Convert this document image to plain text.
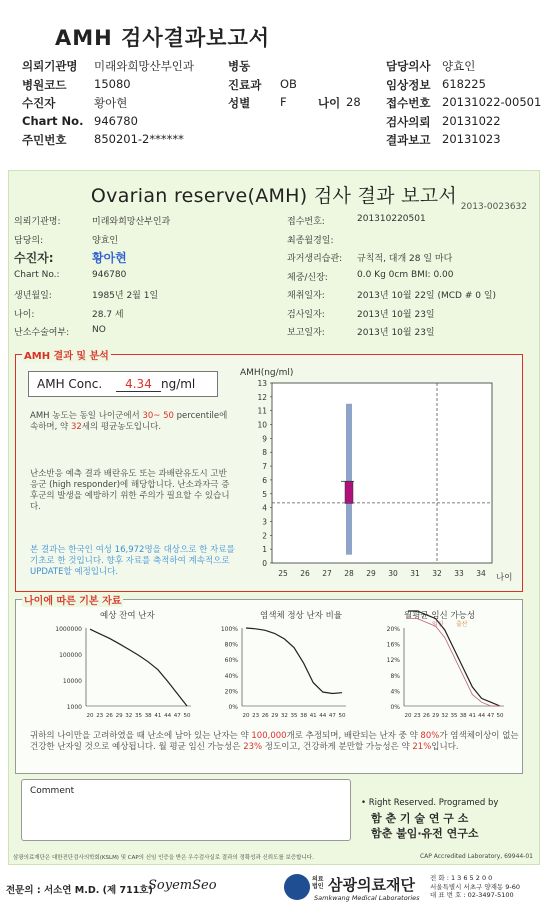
AMH 검사결과보고서
의뢰기관명 미래와희망산부인과	병동	담당의사 양효인
병원코드 15080	진료과 OB	임상정보 618225
수진자	황아현	성별	F	나이 28 접수번호 20131022-00501
Chart No. 946780	검사의뢰 20131022
주민번호 850201-2******	결과보고 20131023
Ovarian reserve(AMH) 검사 결과 보고서 2013-0023632
의뢰기관명:	미래와희망산부인과
담당의:	양효인
수진자:	황아현
Chart No.:	946780
생년월일:	1985년 2월 1일
나이:	28.7 세
난소수술여부:	NO
접수번호:	201310220501
최종월경일:
과거생리습관: 규칙적, 대개 28 일 마다
체중/신장:	0.0 Kg 0cm BMI: 0.00
채취일자:	2013년 10월 22일 (MCD # 0 일)
검사일자:	2013년 10월 23일
보고일자:	2013년 10월 23일
AMH 결과 및 분석
AMH Conc. 4.34 ng/ml
AMH 농도는 동일 나이군에서 30~ 50 percentile에 속하며, 약 32세의 평균농도입니다.
난소반응 예측 결과 배란유도 또는 과배란유도시 고반응군 (high responder)에 해당합니다. 난소과자극 증후군의 발생을 예방하기 위한 주의가 필요할 수 있습니다.
본 결과는 한국인 여성 16,972명을 대상으로 한 자료를 기초로 한 것입니다. 향후 자료를 축적하여 계속적으로 UPDATE할 예정입니다.
AMH(ng/ml)
0
1
2
3
4
5
6
7
8
9
10
11
12
13
25 26 27 28 29 30 31 32 33 34 나이
나이에 따른 기본 자료
예상 잔여 난자
1000000
100000
10000
1000
20 23 26 29 32 35 38 41 44 47 50
염색체 정상 난자 비율
100%
80%
60%
40%
20%
0%
20 23 26 29 32 35 38 41 44 47 50
월평균 임신 가능성
20%
16%
12%
8%
4%
0%
20 23 26 29 32 35 38 41 44 47 50
임신 출산
귀하의 나이만을 고려하였을 때 난소에 남아 있는 난자는 약 100,000개로 추정되며, 배란되는 난자 중 약 80%가 염색체이상이 없는 건강한 난자일 것으로 예상됩니다. 월 평균 임신 가능성은 23% 정도이고, 건강하게 분만할 가능성은 약 21%입니다.
Comment
• Right Reserved. Programed by
함 춘 기 술 연 구 소
함춘 불임·유전 연구소
삼광의료재단은 대한진단검사의학회(KSLM) 및 CAP의 신임 인증을 받은 우수검사실로 결과의 정확성과 신뢰도를 보증합니다.	CAP Accredited Laboratory, 69944-01
전문의 : 서소연 M.D. (제 711호)
SoyemSeo	의료법인 삼광의료재단
Samkwang Medical Laboratories
전 화 : 1 3 6 5 2 0 0
서울특별시 서초구 양재동 9-60
대 표 번 호 : 02-3497-5100
